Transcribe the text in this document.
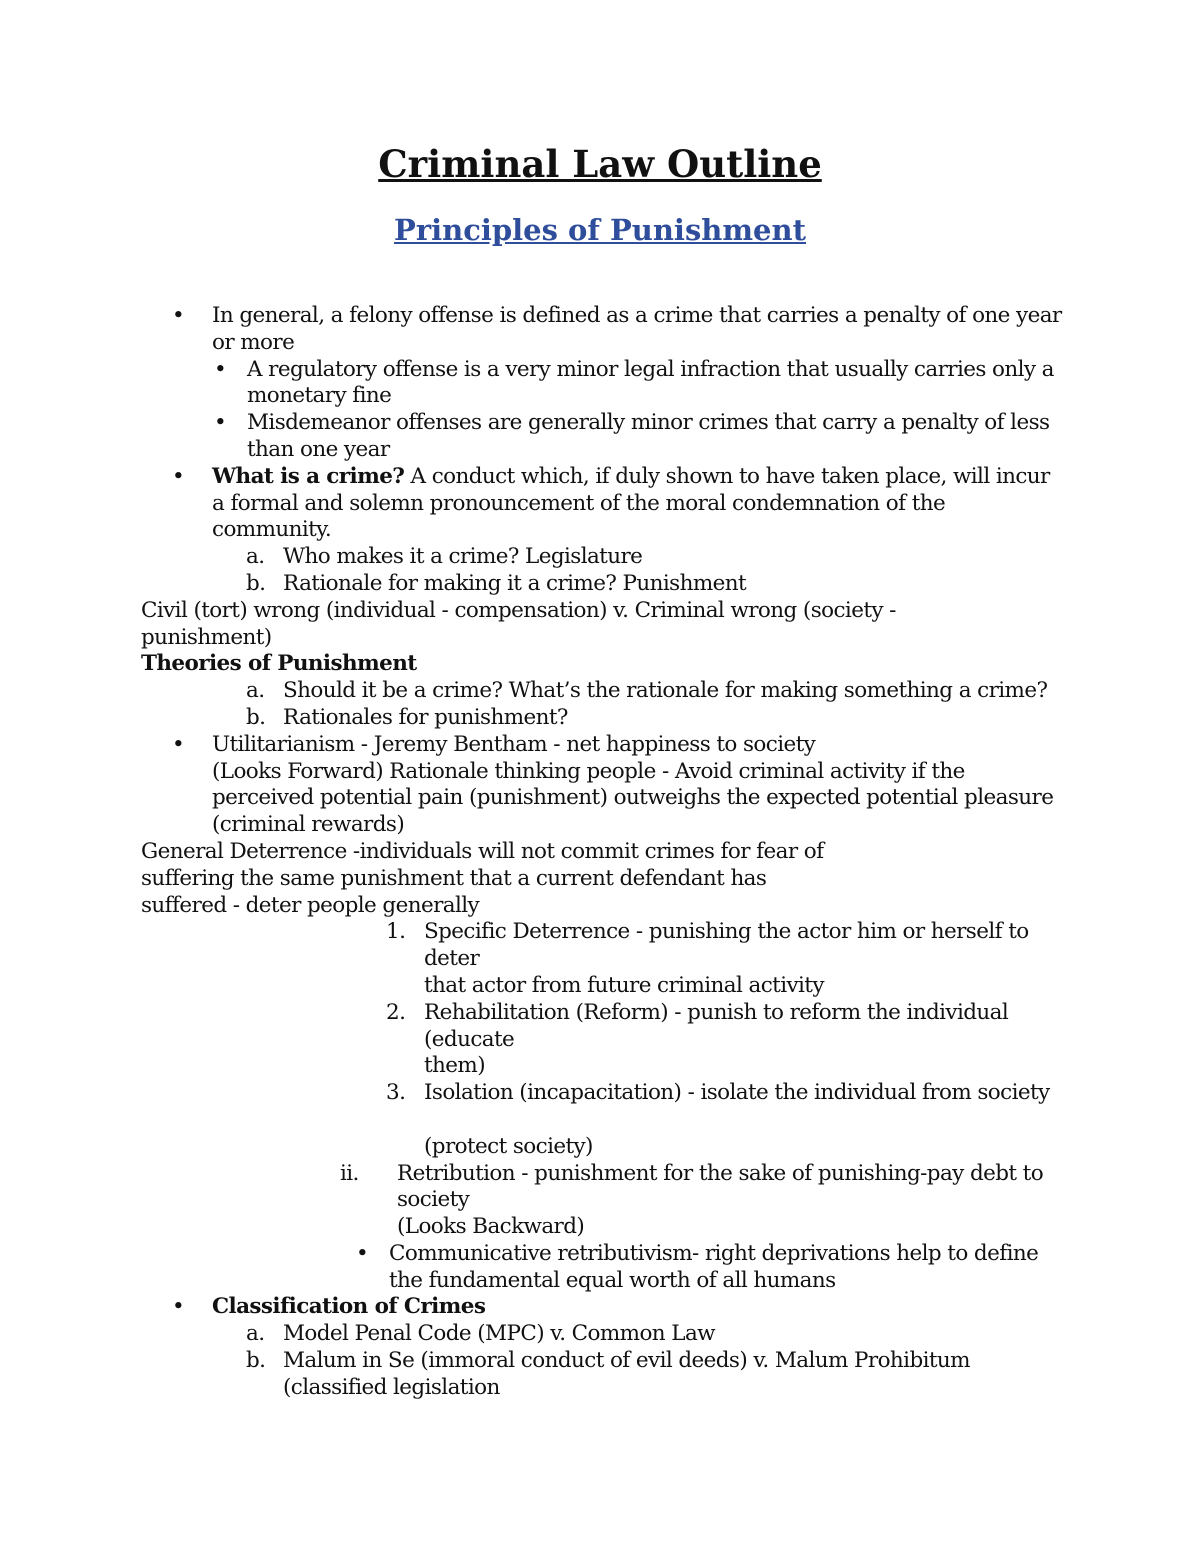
Criminal Law Outline
Principles of Punishment
• In general, a felony offense is defined as a crime that carries a penalty of one year
or more
• A regulatory offense is a very minor legal infraction that usually carries only a
monetary fine
• Misdemeanor offenses are generally minor crimes that carry a penalty of less
than one year
• What is a crime? A conduct which, if duly shown to have taken place, will incur
a formal and solemn pronouncement of the moral condemnation of the
community.
a. Who makes it a crime? Legislature
b. Rationale for making it a crime? Punishment
Civil (tort) wrong (individual - compensation) v. Criminal wrong (society -
punishment)
Theories of Punishment
a. Should it be a crime? What’s the rationale for making something a crime?
b. Rationales for punishment?
• Utilitarianism - Jeremy Bentham - net happiness to society
(Looks Forward) Rationale thinking people - Avoid criminal activity if the
perceived potential pain (punishment) outweighs the expected potential pleasure
(criminal rewards)
General Deterrence -individuals will not commit crimes for fear of
suffering the same punishment that a current defendant has
suffered - deter people generally
1. Specific Deterrence - punishing the actor him or herself to
deter
that actor from future criminal activity
2. Rehabilitation (Reform) - punish to reform the individual
(educate
them)
3. Isolation (incapacitation) - isolate the individual from society
(protect society)
ii. Retribution - punishment for the sake of punishing-pay debt to
society
(Looks Backward)
• Communicative retributivism- right deprivations help to define
the fundamental equal worth of all humans
• Classification of Crimes
a. Model Penal Code (MPC) v. Common Law
b. Malum in Se (immoral conduct of evil deeds) v. Malum Prohibitum
(classified legislation
